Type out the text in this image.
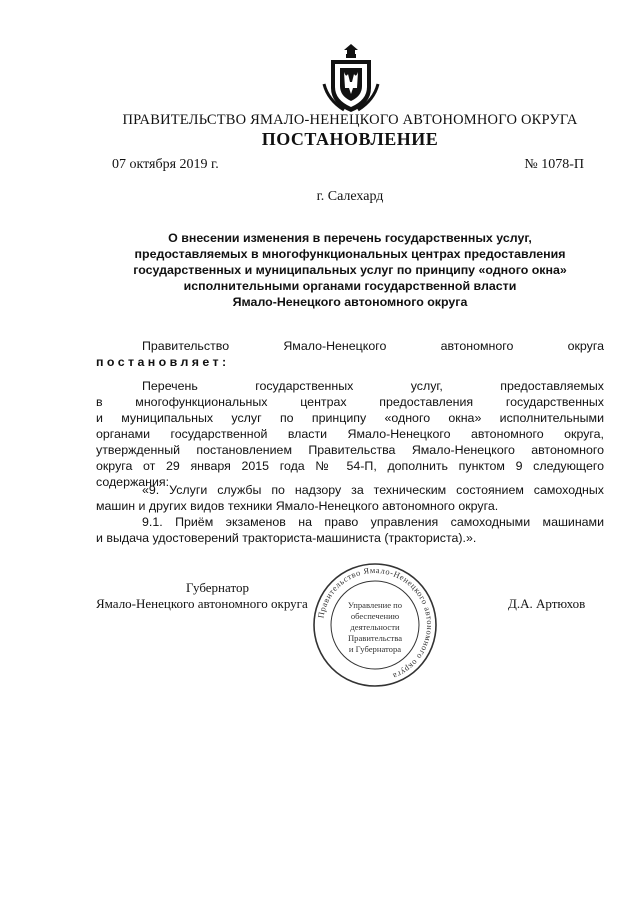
ПРАВИТЕЛЬСТВО ЯМАЛО-НЕНЕЦКОГО АВТОНОМНОГО ОКРУГА
ПОСТАНОВЛЕНИЕ
07 октября 2019 г.	№ 1078-П
г. Салехард
О внесении изменения в перечень государственных услуг,
предоставляемых в многофункциональных центрах предоставления
государственных и муниципальных услуг по принципу «одного окна»
исполнительными органами государственной власти
Ямало-Ненецкого автономного округа
Правительство Ямало-Ненецкого автономного округа
постановляет:
Перечень государственных услуг, предоставляемых
в многофункциональных центрах предоставления государственных
и муниципальных услуг по принципу «одного окна» исполнительными
органами государственной власти Ямало-Ненецкого автономного округа,
утвержденный постановлением Правительства Ямало-Ненецкого автономного
округа от 29 января 2015 года № 54-П, дополнить пунктом 9 следующего
содержания:
«9. Услуги службы по надзору за техническим состоянием самоходных
машин и других видов техники Ямало-Ненецкого автономного округа.
9.1. Приём экзаменов на право управления самоходными машинами
и выдача удостоверений тракториста-машиниста (тракториста).».
Правительство Ямало-Ненецкого автономного округа
Управление по
обеспечению
деятельности
Правительства
и Губернатора
Губернатор
Ямало-Ненецкого автономного округа	Д.А. Артюхов
